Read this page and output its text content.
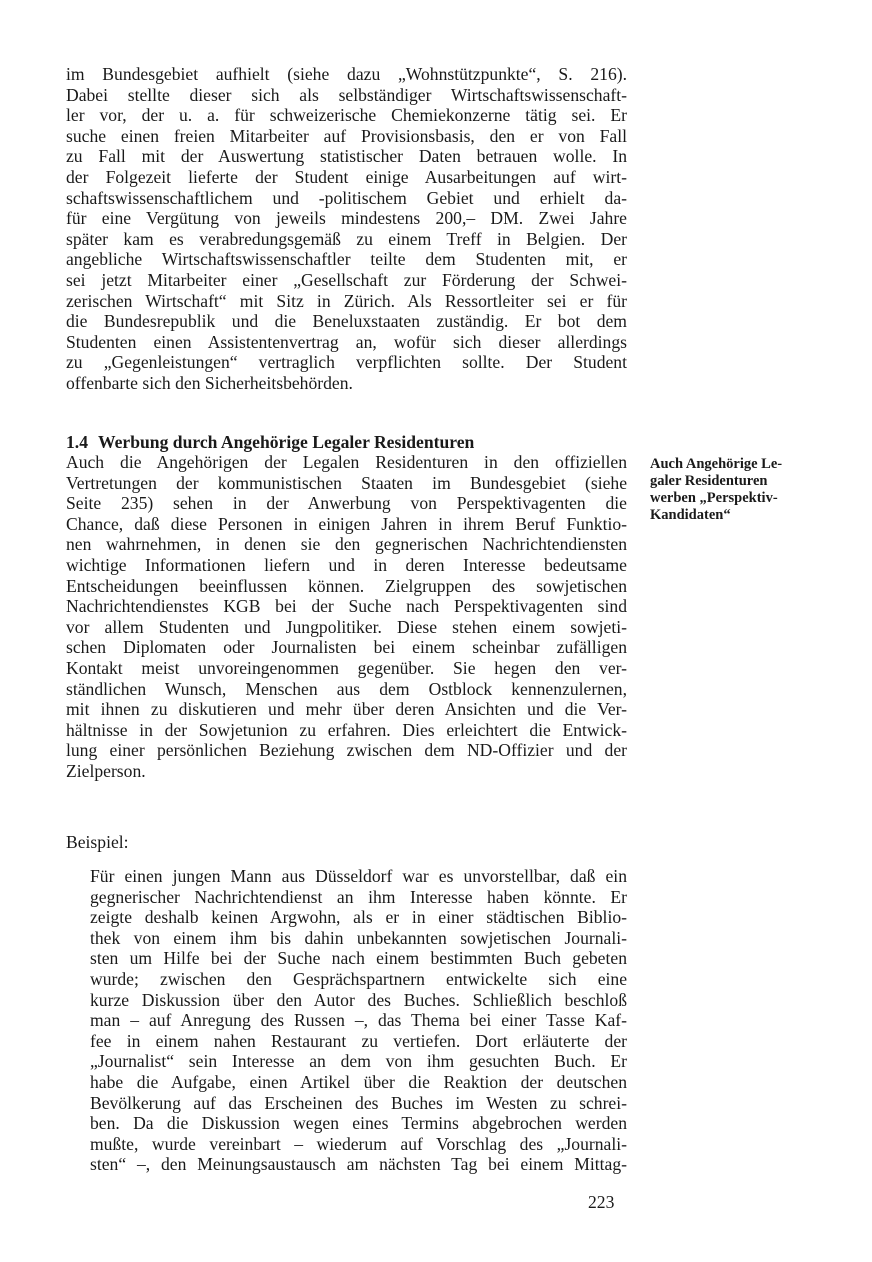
im Bundesgebiet aufhielt (siehe dazu „Wohnstützpunkte“, S. 216).
Dabei stellte dieser sich als selbständiger Wirtschaftswissenschaft-
ler vor, der u. a. für schweizerische Chemiekonzerne tätig sei. Er
suche einen freien Mitarbeiter auf Provisionsbasis, den er von Fall
zu Fall mit der Auswertung statistischer Daten betrauen wolle. In
der Folgezeit lieferte der Student einige Ausarbeitungen auf wirt-
schaftswissenschaftlichem und -politischem Gebiet und erhielt da-
für eine Vergütung von jeweils mindestens 200,– DM. Zwei Jahre
später kam es verabredungsgemäß zu einem Treff in Belgien. Der
angebliche Wirtschaftswissenschaftler teilte dem Studenten mit, er
sei jetzt Mitarbeiter einer „Gesellschaft zur Förderung der Schwei-
zerischen Wirtschaft“ mit Sitz in Zürich. Als Ressortleiter sei er für
die Bundesrepublik und die Beneluxstaaten zuständig. Er bot dem
Studenten einen Assistentenvertrag an, wofür sich dieser allerdings
zu „Gegenleistungen“ vertraglich verpflichten sollte. Der Student
offenbarte sich den Sicherheitsbehörden.
1.4 Werbung durch Angehörige Legaler Residenturen
Auch die Angehörigen der Legalen Residenturen in den offiziellen
Vertretungen der kommunistischen Staaten im Bundesgebiet (siehe
Seite 235) sehen in der Anwerbung von Perspektivagenten die
Chance, daß diese Personen in einigen Jahren in ihrem Beruf Funktio-
nen wahrnehmen, in denen sie den gegnerischen Nachrichtendiensten
wichtige Informationen liefern und in deren Interesse bedeutsame
Entscheidungen beeinflussen können. Zielgruppen des sowjetischen
Nachrichtendienstes KGB bei der Suche nach Perspektivagenten sind
vor allem Studenten und Jungpolitiker. Diese stehen einem sowjeti-
schen Diplomaten oder Journalisten bei einem scheinbar zufälligen
Kontakt meist unvoreingenommen gegenüber. Sie hegen den ver-
ständlichen Wunsch, Menschen aus dem Ostblock kennenzulernen,
mit ihnen zu diskutieren und mehr über deren Ansichten und die Ver-
hältnisse in der Sowjetunion zu erfahren. Dies erleichtert die Entwick-
lung einer persönlichen Beziehung zwischen dem ND-Offizier und der
Zielperson.
Auch Angehörige Le-
galer Residenturen
werben „Perspektiv-
Kandidaten“
Beispiel:
Für einen jungen Mann aus Düsseldorf war es unvorstellbar, daß ein
gegnerischer Nachrichtendienst an ihm Interesse haben könnte. Er
zeigte deshalb keinen Argwohn, als er in einer städtischen Biblio-
thek von einem ihm bis dahin unbekannten sowjetischen Journali-
sten um Hilfe bei der Suche nach einem bestimmten Buch gebeten
wurde; zwischen den Gesprächspartnern entwickelte sich eine
kurze Diskussion über den Autor des Buches. Schließlich beschloß
man – auf Anregung des Russen –, das Thema bei einer Tasse Kaf-
fee in einem nahen Restaurant zu vertiefen. Dort erläuterte der
„Journalist“ sein Interesse an dem von ihm gesuchten Buch. Er
habe die Aufgabe, einen Artikel über die Reaktion der deutschen
Bevölkerung auf das Erscheinen des Buches im Westen zu schrei-
ben. Da die Diskussion wegen eines Termins abgebrochen werden
mußte, wurde vereinbart – wiederum auf Vorschlag des „Journali-
sten“ –, den Meinungsaustausch am nächsten Tag bei einem Mittag-
223
